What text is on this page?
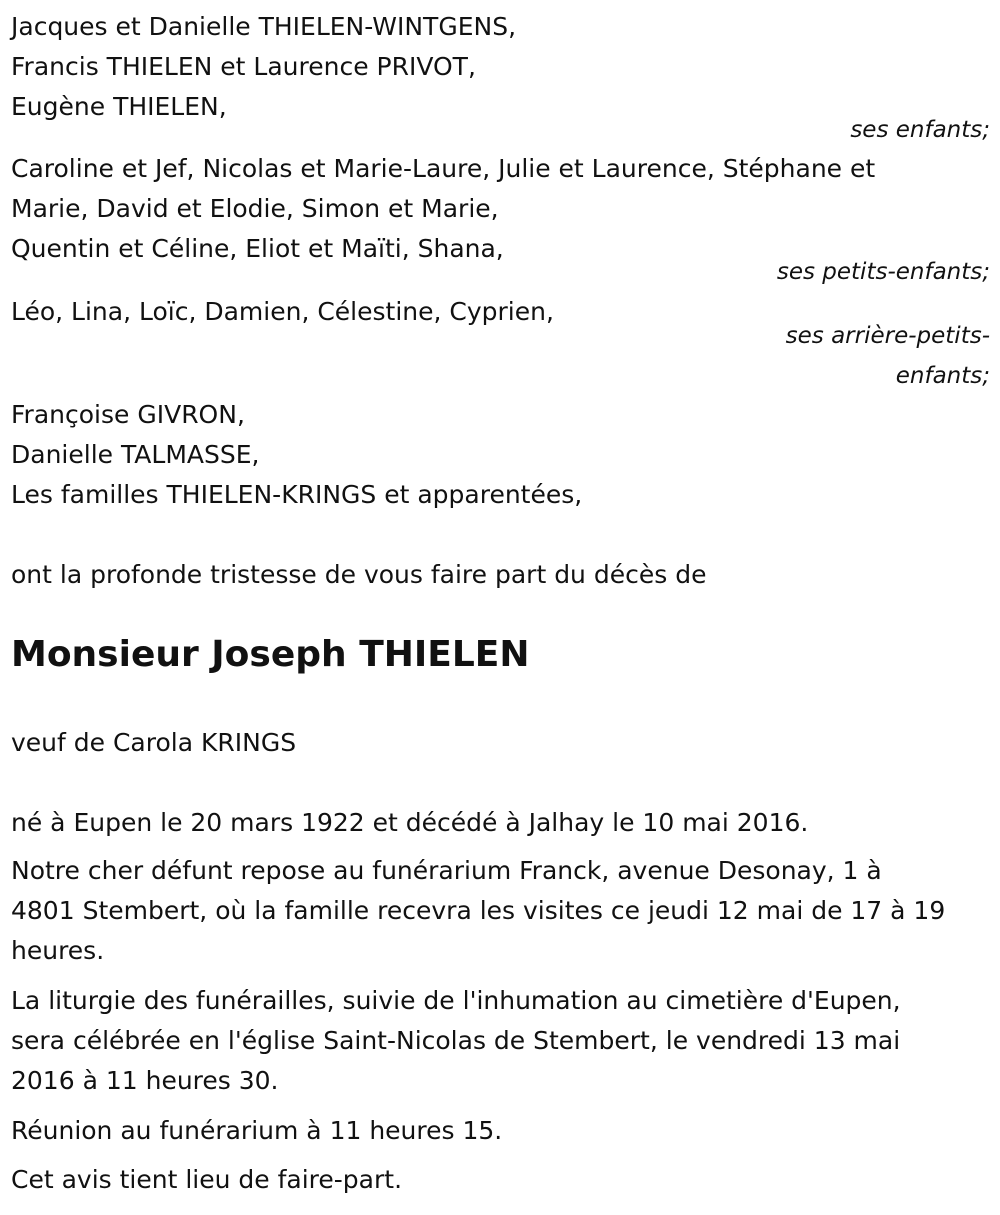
Jacques et Danielle THIELEN-WINTGENS,
Francis THIELEN et Laurence PRIVOT,
Eugène THIELEN,
ses enfants;
Caroline et Jef, Nicolas et Marie-Laure, Julie et Laurence, Stéphane et
Marie, David et Elodie, Simon et Marie,
Quentin et Céline, Eliot et Maïti, Shana,
ses petits-enfants;
Léo, Lina, Loïc, Damien, Célestine, Cyprien,
ses arrière-petits-
enfants;
Françoise GIVRON,
Danielle TALMASSE,
Les familles THIELEN-KRINGS et apparentées,
ont la profonde tristesse de vous faire part du décès de
Monsieur Joseph THIELEN
veuf de Carola KRINGS
né à Eupen le 20 mars 1922 et décédé à Jalhay le 10 mai 2016.
Notre cher défunt repose au funérarium Franck, avenue Desonay, 1 à
4801 Stembert, où la famille recevra les visites ce jeudi 12 mai de 17 à 19
heures.
La liturgie des funérailles, suivie de l'inhumation au cimetière d'Eupen,
sera célébrée en l'église Saint-Nicolas de Stembert, le vendredi 13 mai
2016 à 11 heures 30.
Réunion au funérarium à 11 heures 15.
Cet avis tient lieu de faire-part.
